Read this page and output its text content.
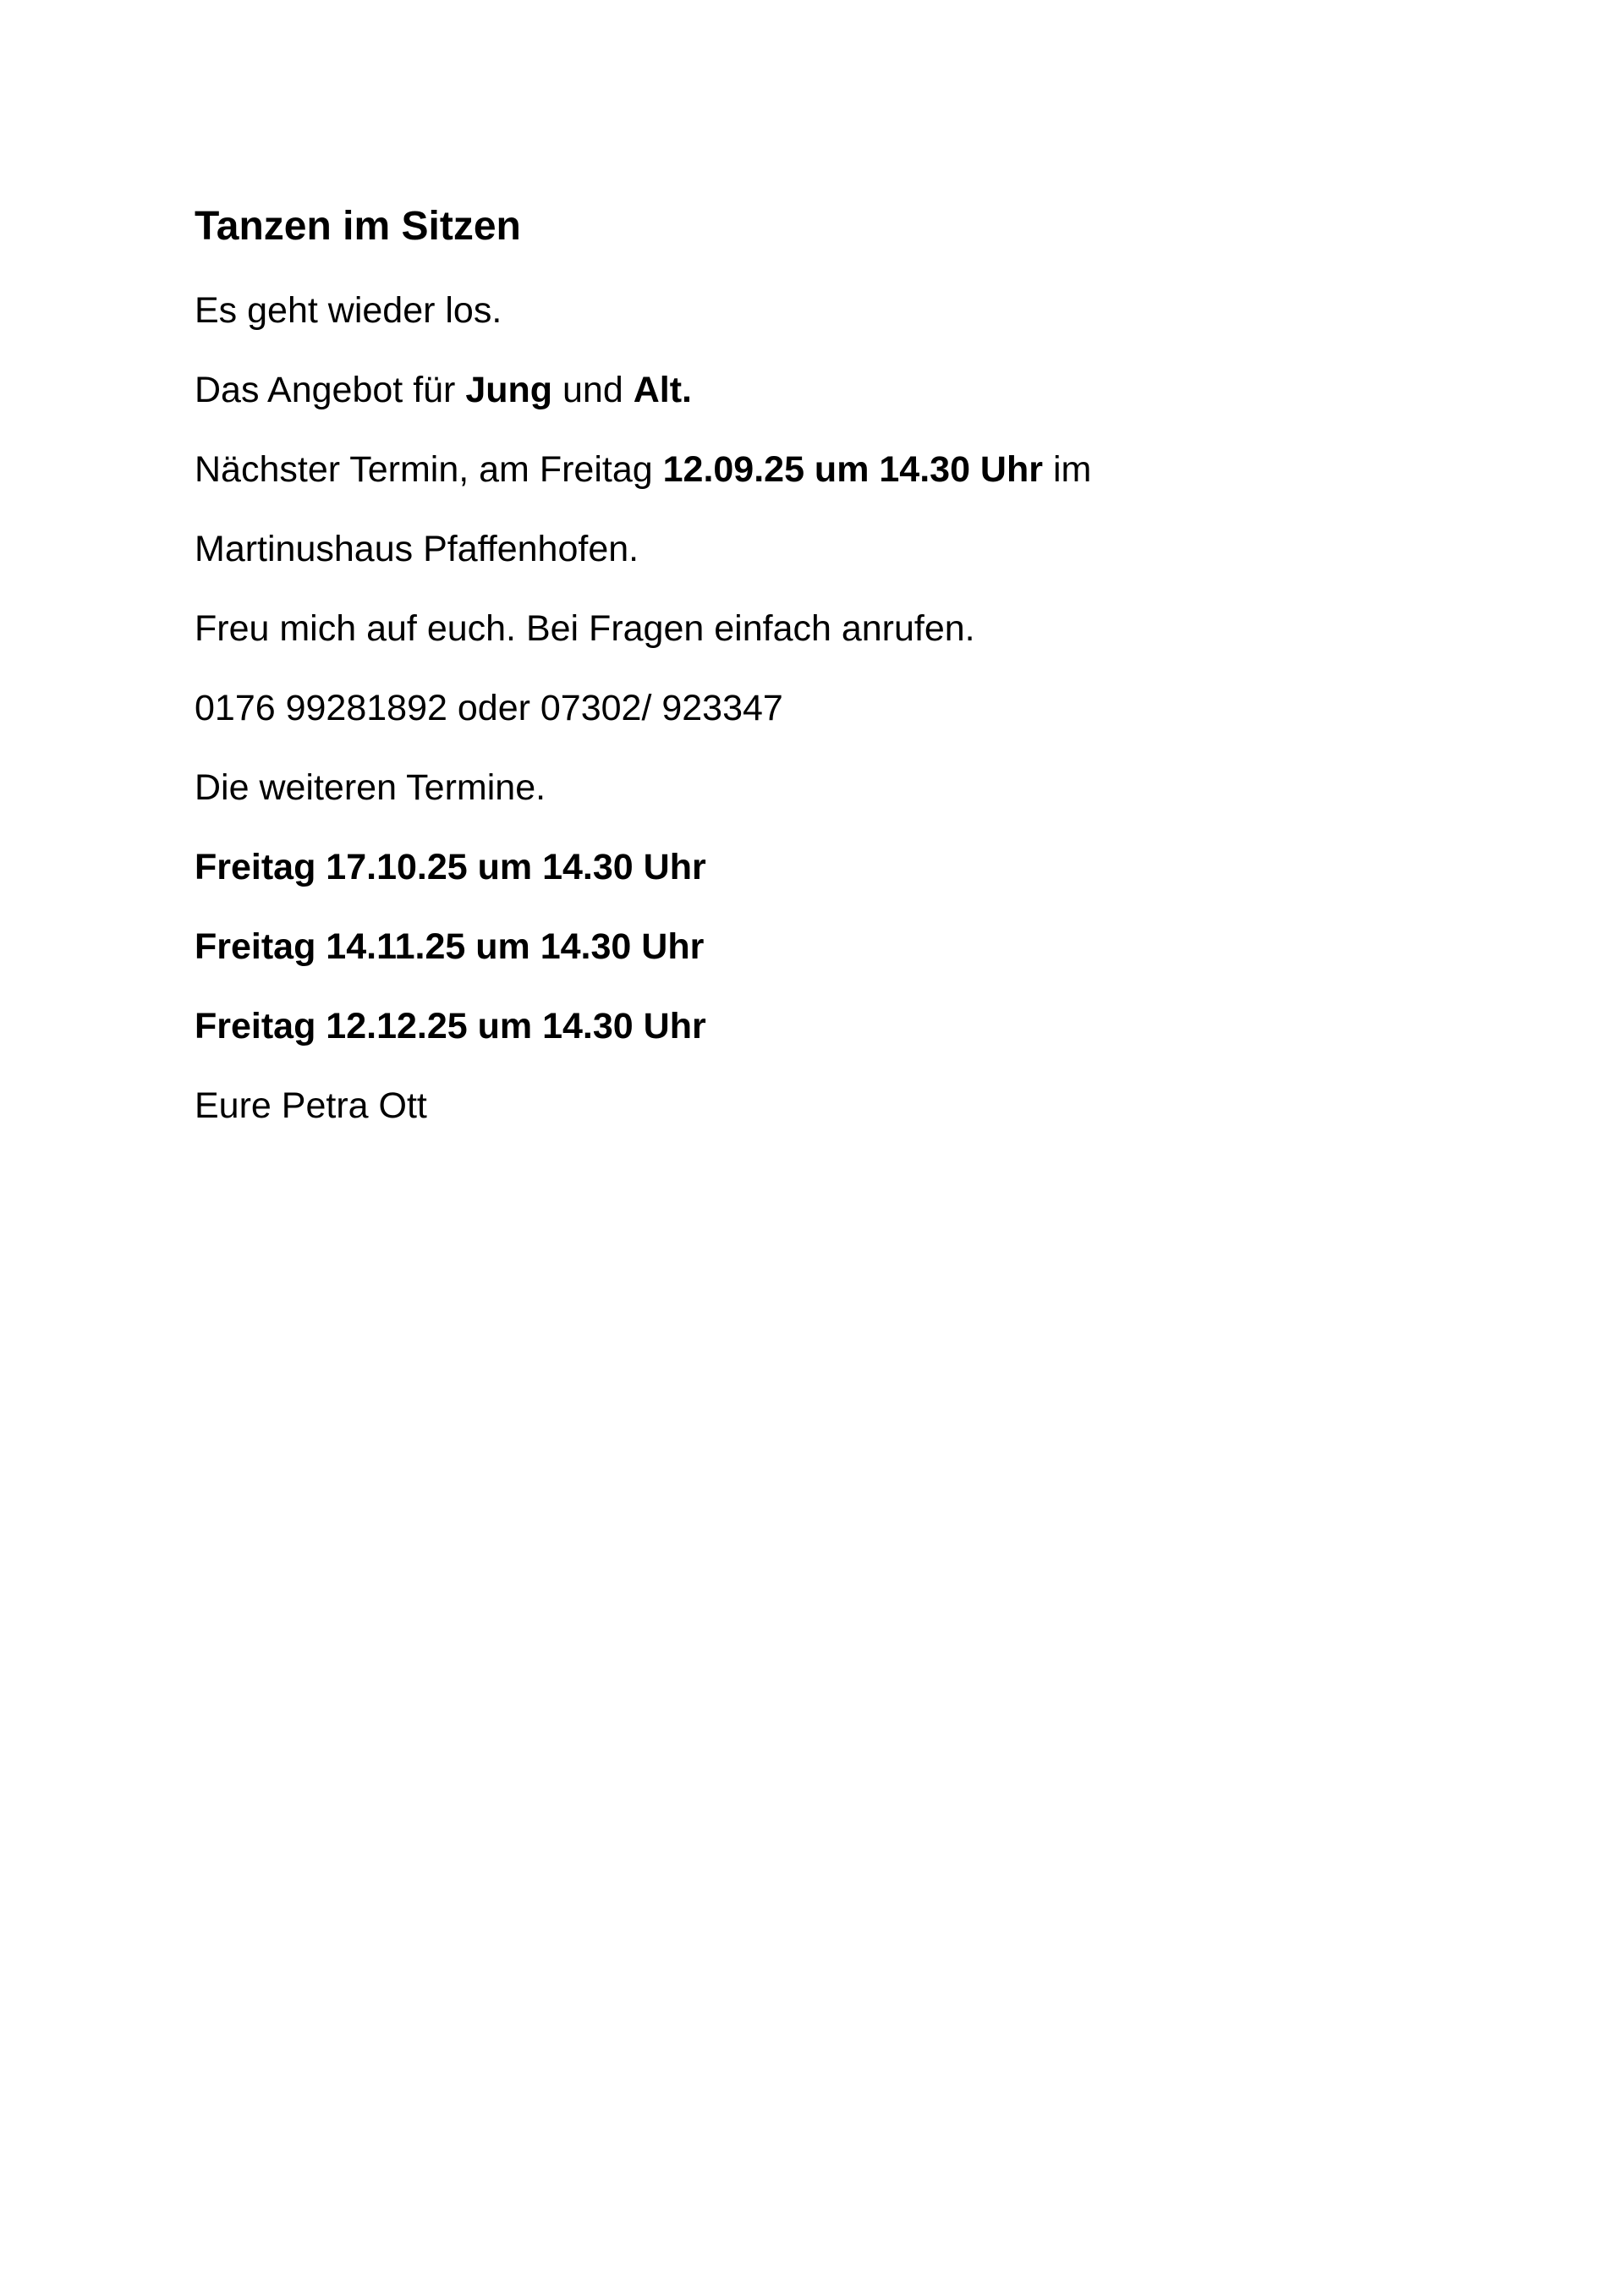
Tanzen im Sitzen

Es geht wieder los.

Das Angebot für Jung und Alt.

Nächster Termin, am Freitag 12.09.25 um 14.30 Uhr im

Martinushaus Pfaffenhofen.

Freu mich auf euch. Bei Fragen einfach anrufen.

0176 99281892 oder 07302/ 923347

Die weiteren Termine.

Freitag 17.10.25 um 14.30 Uhr

Freitag 14.11.25 um 14.30 Uhr

Freitag 12.12.25 um 14.30 Uhr

Eure Petra Ott
